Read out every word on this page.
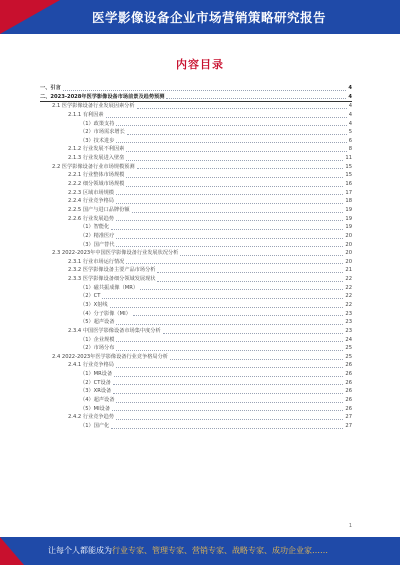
医学影像设备企业市场营销策略研究报告
内容目录
一、引言	4
二、2023-2028年医学影像设备市场前景及趋势预测	4
2.1 医学影像设备行业发展因素分析	4
2.1.1 有利因素	4
（1）政策支持	4
（2）市场需求增长	5
（3）技术进步	6
2.1.2 行业发展不利因素	8
2.1.3 行业发展进入壁垒	11
2.2 医学影像设备行业市场规模预测	15
2.2.1 行业整体市场规模	15
2.2.2 细分领域市场规模	16
2.2.3 区域市场规模	17
2.2.4 行业竞争格局	18
2.2.5 国产与进口品牌份额	19
2.2.6 行业发展趋势	19
（1）智能化	19
（2）精准医疗	20
（3）国产替代	20
2.3 2022-2023年中国医学影像设备行业发展状况分析	20
2.3.1 行业市场运行情况	20
2.3.2 医学影像设备主要产品市场分析	21
2.3.3 医学影像设备细分领域发展现状	22
（1）磁共振成像（MR）	22
（2）CT	22
（3）X射线	22
（4）分子影像（MI）	23
（5）超声设备	23
2.3.4 中国医学影像设备市场集中度分析	23
（1）企业规模	24
（2）市场分布	25
2.4 2022-2023年医学影像设备行业竞争格局分析	25
2.4.1 行业竞争格局	26
（1）MR设备	26
（2）CT设备	26
（3）XR设备	26
（4）超声设备	26
（5）MI设备	26
2.4.2 行业竞争趋势	27
（1）国产化	27
让每个人都能成为行业专家、管理专家、营销专家、战略专家、成功企业家……
1
